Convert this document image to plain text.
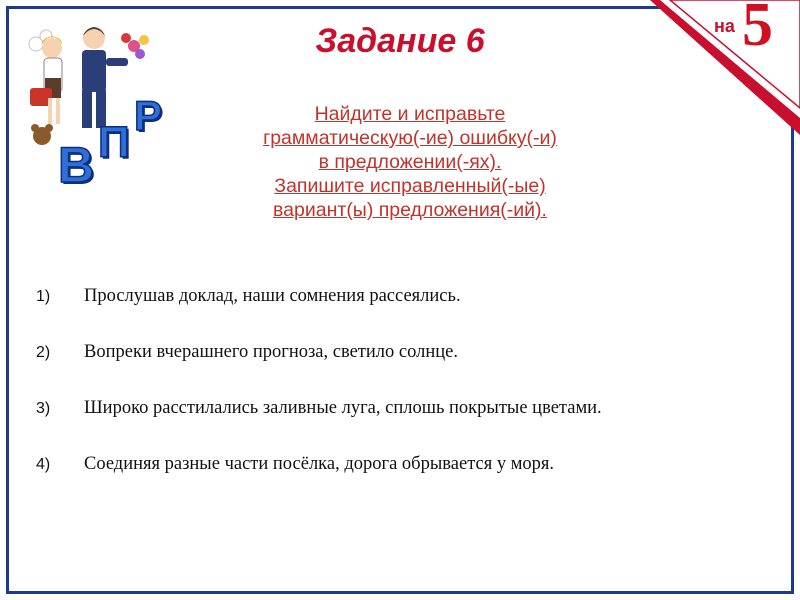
на 5
В П
Р
Задание 6
Найдите и исправьте
грамматическую(-ие) ошибку(-и)
в предложении(-ях).
Запишите исправленный(-ые)
вариант(ы) предложения(-ий).
1)	Прослушав доклад, наши сомнения рассеялись.
2)	Вопреки вчерашнего прогноза, светило солнце.
3)	Широко расстилались заливные луга, сплошь покрытые цветами.
4)	Соединяя разные части посёлка, дорога обрывается у моря.
